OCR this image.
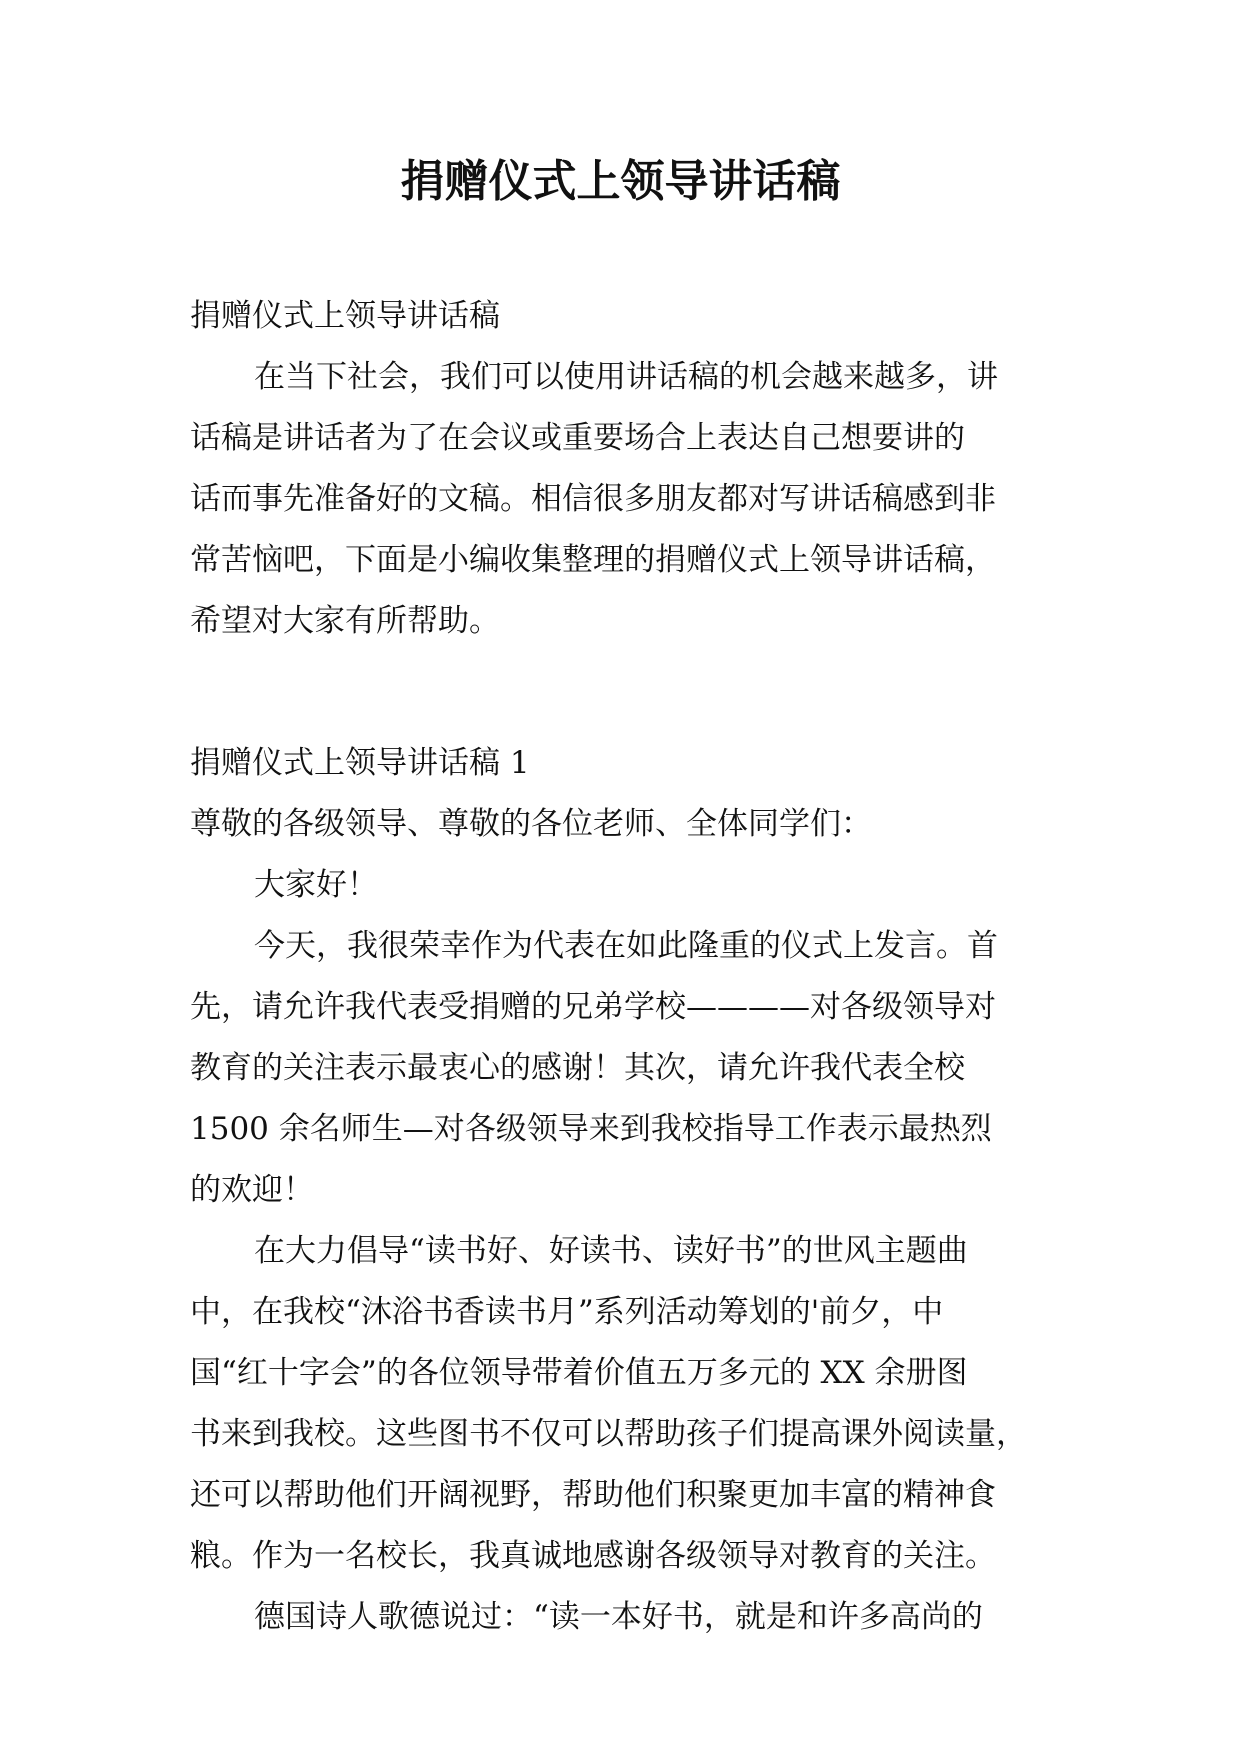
捐赠仪式上领导讲话稿

捐赠仪式上领导讲话稿

在当下社会，我们可以使用讲话稿的机会越来越多，讲

话稿是讲话者为了在会议或重要场合上表达自己想要讲的

话而事先准备好的文稿。相信很多朋友都对写讲话稿感到非

常苦恼吧，下面是小编收集整理的捐赠仪式上领导讲话稿，

希望对大家有所帮助。

捐赠仪式上领导讲话稿 1

尊敬的各级领导、尊敬的各位老师、全体同学们：

大家好！

今天，我很荣幸作为代表在如此隆重的仪式上发言。首

先，请允许我代表受捐赠的兄弟学校————对各级领导对

教育的关注表示最衷心的感谢！其次，请允许我代表全校

1500 余名师生—对各级领导来到我校指导工作表示最热烈

的欢迎！

在大力倡导“读书好、好读书、读好书”的世风主题曲

中，在我校“沐浴书香读书月”系列活动筹划的'前夕，中

国“红十字会”的各位领导带着价值五万多元的 XX 余册图

书来到我校。这些图书不仅可以帮助孩子们提高课外阅读量，

还可以帮助他们开阔视野，帮助他们积聚更加丰富的精神食

粮。作为一名校长，我真诚地感谢各级领导对教育的关注。

德国诗人歌德说过：“读一本好书，就是和许多高尚的
